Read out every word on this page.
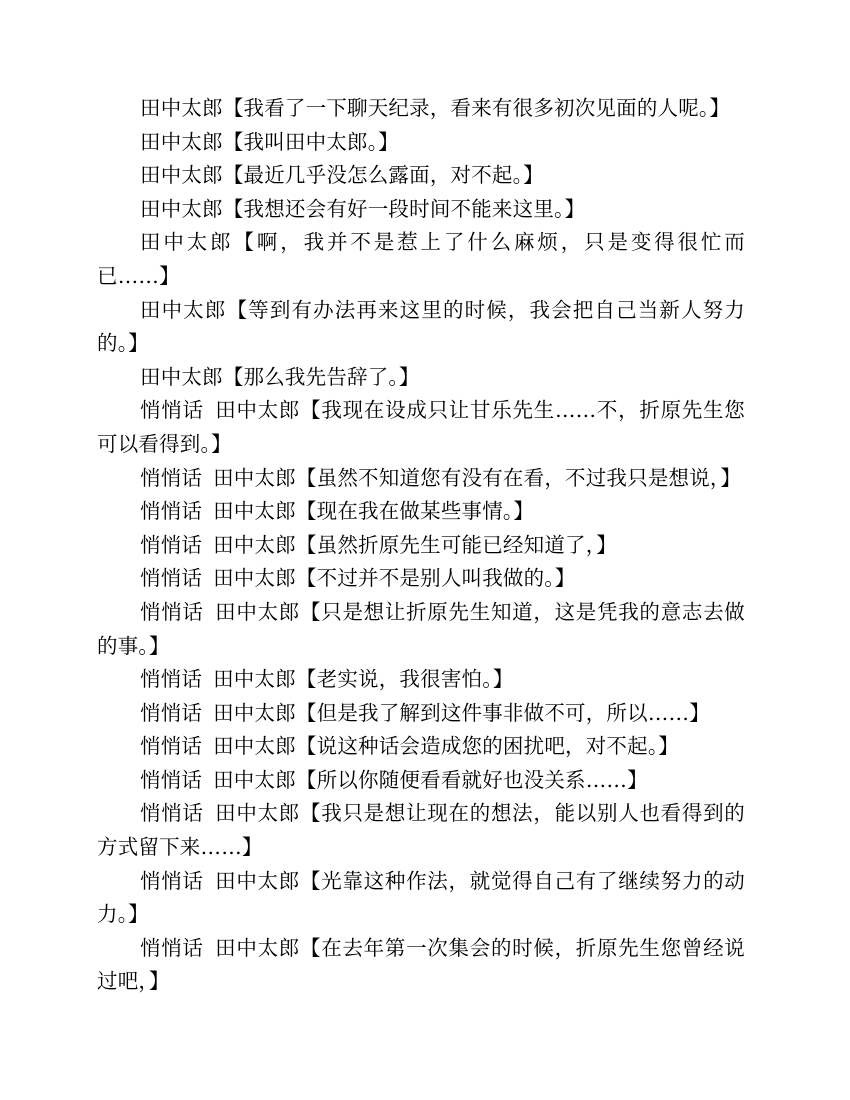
田中太郎【我看了一下聊天纪录，看来有很多初次见面的人呢。】

田中太郎【我叫田中太郎。】

田中太郎【最近几乎没怎么露面，对不起。】

田中太郎【我想还会有好一段时间不能来这里。】

田中太郎【啊，我并不是惹上了什么麻烦，只是变得很忙而已……】

田中太郎【等到有办法再来这里的时候，我会把自己当新人努力的。】

田中太郎【那么我先告辞了。】

悄悄话 田中太郎【我现在设成只让甘乐先生……不，折原先生您可以看得到。】

悄悄话 田中太郎【虽然不知道您有没有在看，不过我只是想说，】

悄悄话 田中太郎【现在我在做某些事情。】

悄悄话 田中太郎【虽然折原先生可能已经知道了，】

悄悄话 田中太郎【不过并不是别人叫我做的。】

悄悄话 田中太郎【只是想让折原先生知道，这是凭我的意志去做的事。】

悄悄话 田中太郎【老实说，我很害怕。】

悄悄话 田中太郎【但是我了解到这件事非做不可，所以……】

悄悄话 田中太郎【说这种话会造成您的困扰吧，对不起。】

悄悄话 田中太郎【所以你随便看看就好也没关系……】

悄悄话 田中太郎【我只是想让现在的想法，能以别人也看得到的方式留下来……】

悄悄话 田中太郎【光靠这种作法，就觉得自己有了继续努力的动力。】

悄悄话 田中太郎【在去年第一次集会的时候，折原先生您曾经说过吧，】
